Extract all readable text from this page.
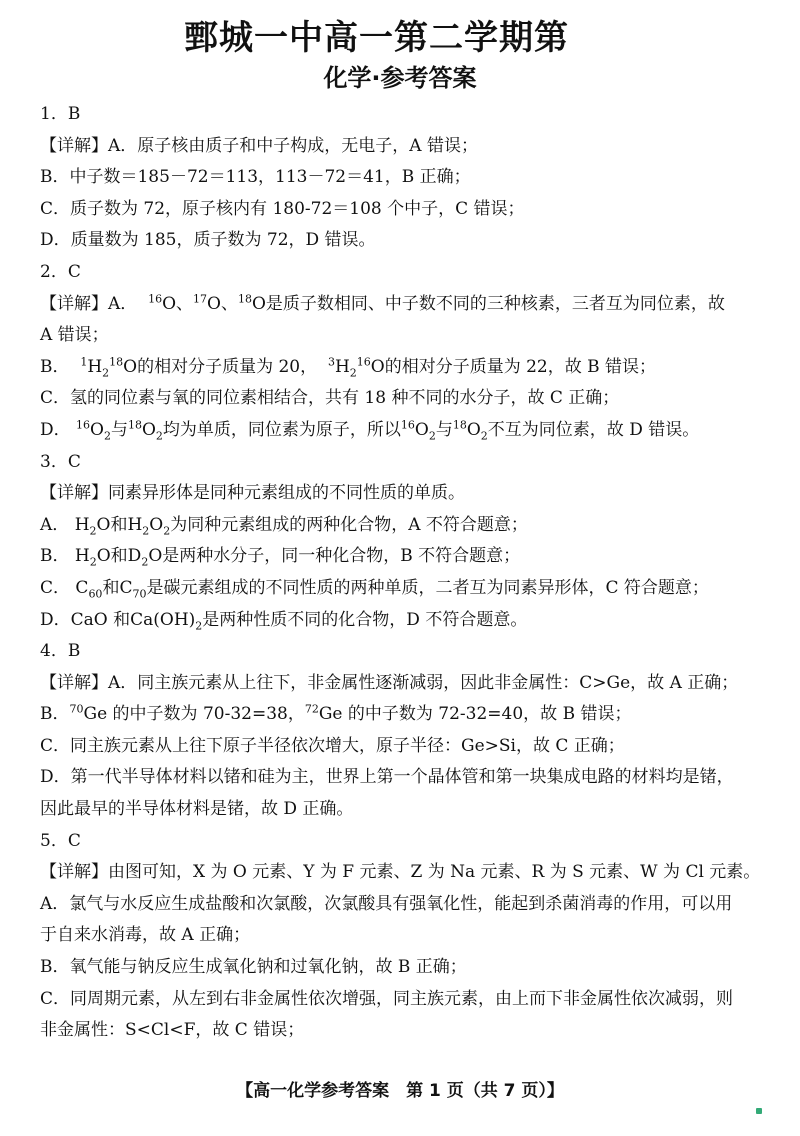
鄄城一中高一第二学期第
化学·参考答案
1．B
【详解】A．原子核由质子和中子构成，无电子，A 错误；
B．中子数＝185－72＝113，113－72＝41，B 正确；
C．质子数为 72，原子核内有 180-72＝108 个中子，C 错误；
D．质量数为 185，质子数为 72，D 错误。
2．C
【详解】A． $^{16}$O、$^{17}$O、$^{18}$O是质子数相同、中子数不同的三种核素，三者互为同位素，故
A 错误；
B． $^1H_2^{18}O$的相对分子质量为 20， $^3H_2^{16}O$的相对分子质量为 22，故 B 错误；
C．氢的同位素与氧的同位素相结合，共有 18 种不同的水分子，故 C 正确；
D． $^{16}O_2$与$^{18}O_2$均为单质，同位素为原子，所以$^{16}O_2$与$^{18}O_2$不互为同位素，故 D 错误。
3．C
【详解】同素异形体是同种元素组成的不同性质的单质。
A． $H_2O$和$H_2O_2$为同种元素组成的两种化合物，A 不符合题意；
B． $H_2O$和$D_2O$是两种水分子，同一种化合物，B 不符合题意；
C． $C_{60}$和$C_{70}$是碳元素组成的不同性质的两种单质，二者互为同素异形体，C 符合题意；
D．CaO 和$Ca(OH)_2$是两种性质不同的化合物，D 不符合题意。
4．B
【详解】A．同主族元素从上往下，非金属性逐渐减弱，因此非金属性：C>Ge，故 A 正确；
B．$^{70}$Ge 的中子数为 70-32=38，$^{72}$Ge 的中子数为 72-32=40，故 B 错误；
C．同主族元素从上往下原子半径依次增大，原子半径：Ge>Si，故 C 正确；
D．第一代半导体材料以锗和硅为主，世界上第一个晶体管和第一块集成电路的材料均是锗，
因此最早的半导体材料是锗，故 D 正确。
5．C
【详解】由图可知，X 为 O 元素、Y 为 F 元素、Z 为 Na 元素、R 为 S 元素、W 为 Cl 元素。
A．氯气与水反应生成盐酸和次氯酸，次氯酸具有强氧化性，能起到杀菌消毒的作用，可以用
于自来水消毒，故 A 正确；
B．氧气能与钠反应生成氧化钠和过氧化钠，故 B 正确；
C．同周期元素，从左到右非金属性依次增强，同主族元素，由上而下非金属性依次减弱，则
非金属性：S<Cl<F，故 C 错误；
【高一化学参考答案　第 1 页（共 7 页）】
